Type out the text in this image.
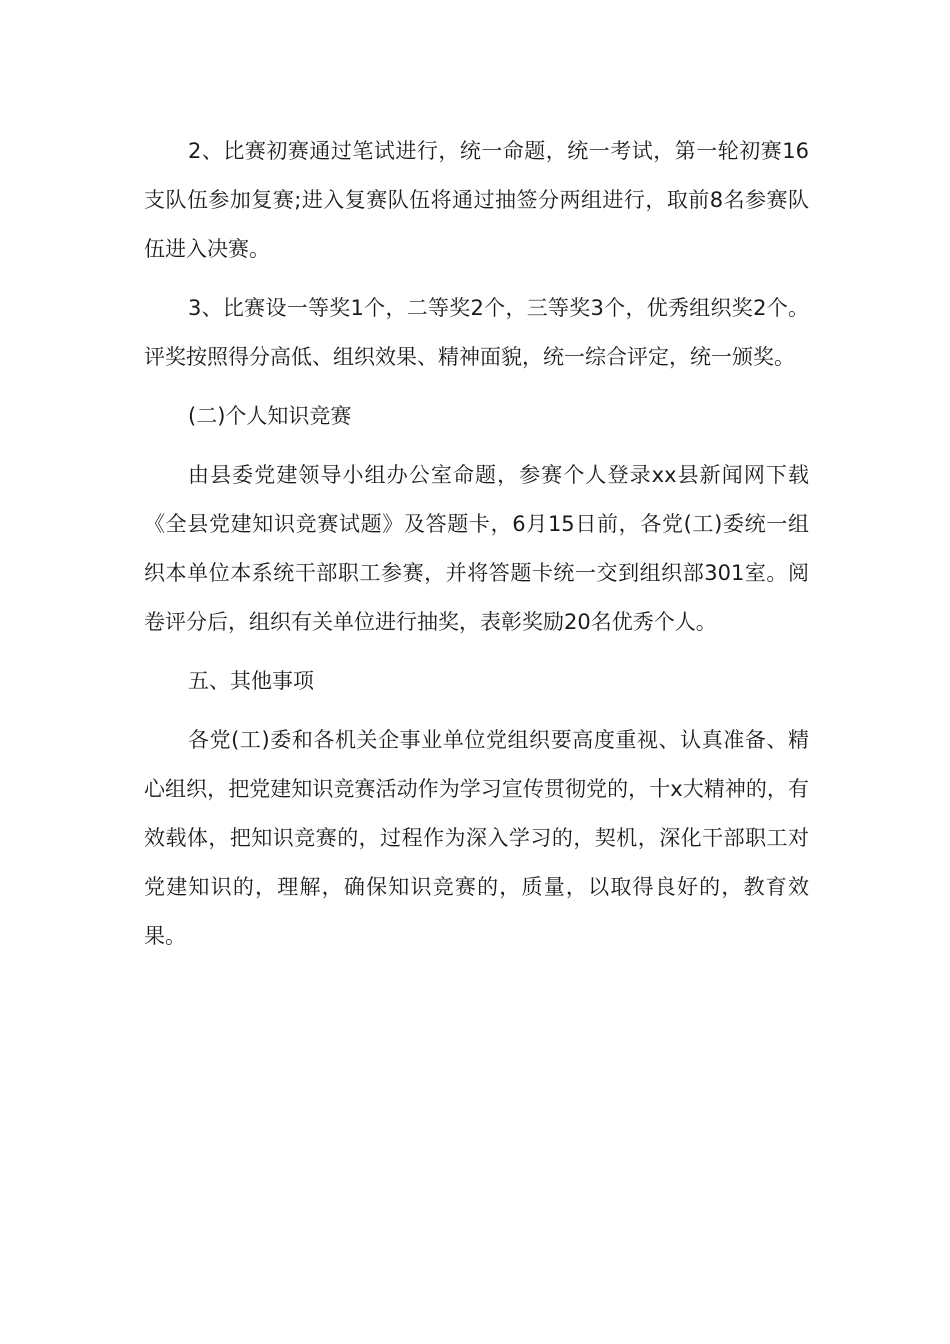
2、比赛初赛通过笔试进行，统一命题，统一考试，第一轮初赛16支队伍参加复赛;进入复赛队伍将通过抽签分两组进行，取前8名参赛队伍进入决赛。

3、比赛设一等奖1个，二等奖2个，三等奖3个，优秀组织奖2个。评奖按照得分高低、组织效果、精神面貌，统一综合评定，统一颁奖。

(二)个人知识竞赛

由县委党建领导小组办公室命题，参赛个人登录xx县新闻网下载《全县党建知识竞赛试题》及答题卡，6月15日前，各党(工)委统一组织本单位本系统干部职工参赛，并将答题卡统一交到组织部301室。阅卷评分后，组织有关单位进行抽奖，表彰奖励20名优秀个人。

五、其他事项

各党(工)委和各机关企事业单位党组织要高度重视、认真准备、精心组织，把党建知识竞赛活动作为学习宣传贯彻党的，十x大精神的，有效载体，把知识竞赛的，过程作为深入学习的，契机，深化干部职工对党建知识的，理解，确保知识竞赛的，质量，以取得良好的，教育效果。
